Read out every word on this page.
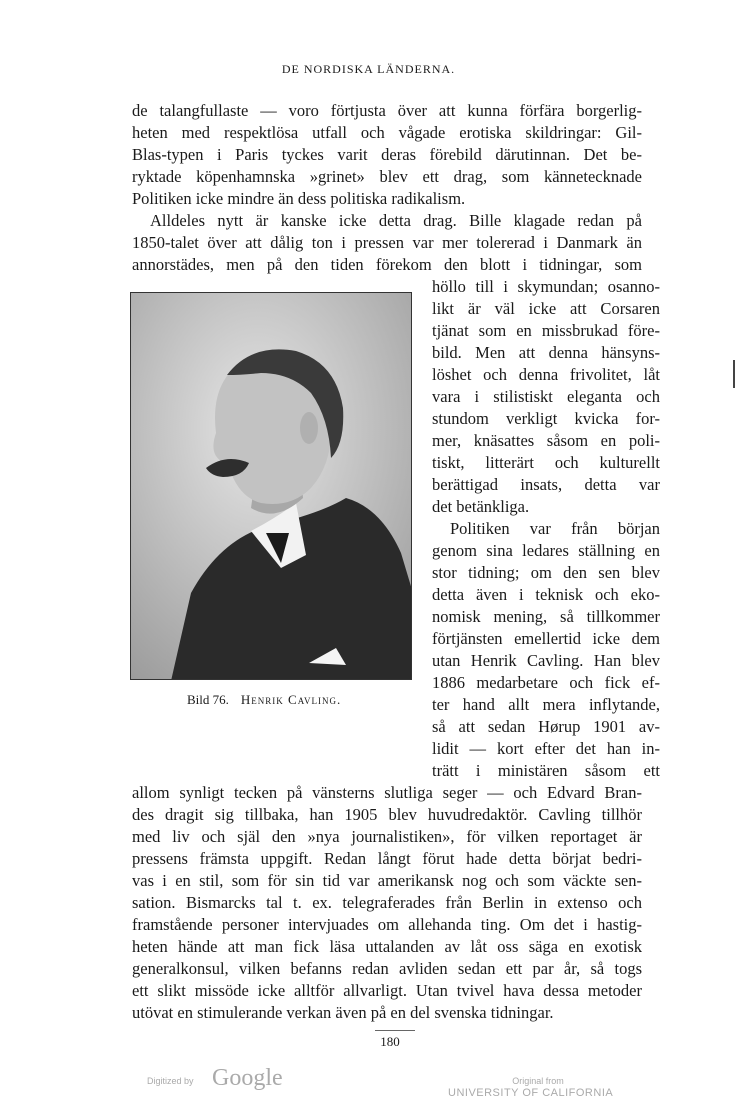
DE NORDISKA LÄNDERNA.

de talangfullaste — voro förtjusta över att kunna förfära borgerlig-

heten med respektlösa utfall och vågade erotiska skildringar: Gil-

Blas-typen i Paris tyckes varit deras förebild därutinnan. Det be-

ryktade köpenhamnska »grinet» blev ett drag, som kännetecknade

Politiken icke mindre än dess politiska radikalism.

Alldeles nytt är kanske icke detta drag. Bille klagade redan på

1850-talet över att dålig ton i pressen var mer tolererad i Danmark än

annorstädes, men på den tiden förekom den blott i tidningar, som

höllo till i skymundan; osanno-

likt är väl icke att Corsaren

tjänat som en missbrukad före-

bild. Men att denna hänsyns-

löshet och denna frivolitet, låt

vara i stilistiskt eleganta och

stundom verkligt kvicka for-

mer, knäsattes såsom en poli-

tiskt, litterärt och kulturellt

berättigad insats, detta var

det betänkliga.

Politiken var från början

genom sina ledares ställning en

stor tidning; om den sen blev

detta även i teknisk och eko-

nomisk mening, så tillkommer

förtjänsten emellertid icke dem

utan Henrik Cavling. Han blev

1886 medarbetare och fick ef-

ter hand allt mera inflytande,

så att sedan Hørup 1901 av-

lidit — kort efter det han in-

trätt i ministären såsom ett

Bild 76. Henrik Cavling.

allom synligt tecken på vänsterns slutliga seger — och Edvard Bran-

des dragit sig tillbaka, han 1905 blev huvudredaktör. Cavling tillhör

med liv och själ den »nya journalistiken», för vilken reportaget är

pressens främsta uppgift. Redan långt förut hade detta börjat bedri-

vas i en stil, som för sin tid var amerikansk nog och som väckte sen-

sation. Bismarcks tal t. ex. telegraferades från Berlin in extenso och

framstående personer intervjuades om allehanda ting. Om det i hastig-

heten hände att man fick läsa uttalanden av låt oss säga en exotisk

generalkonsul, vilken befanns redan avliden sedan ett par år, så togs

ett slikt missöde icke alltför allvarligt. Utan tvivel hava dessa metoder

utövat en stimulerande verkan även på en del svenska tidningar.

180
Digitized by Google	Original from
UNIVERSITY OF CALIFORNIA
